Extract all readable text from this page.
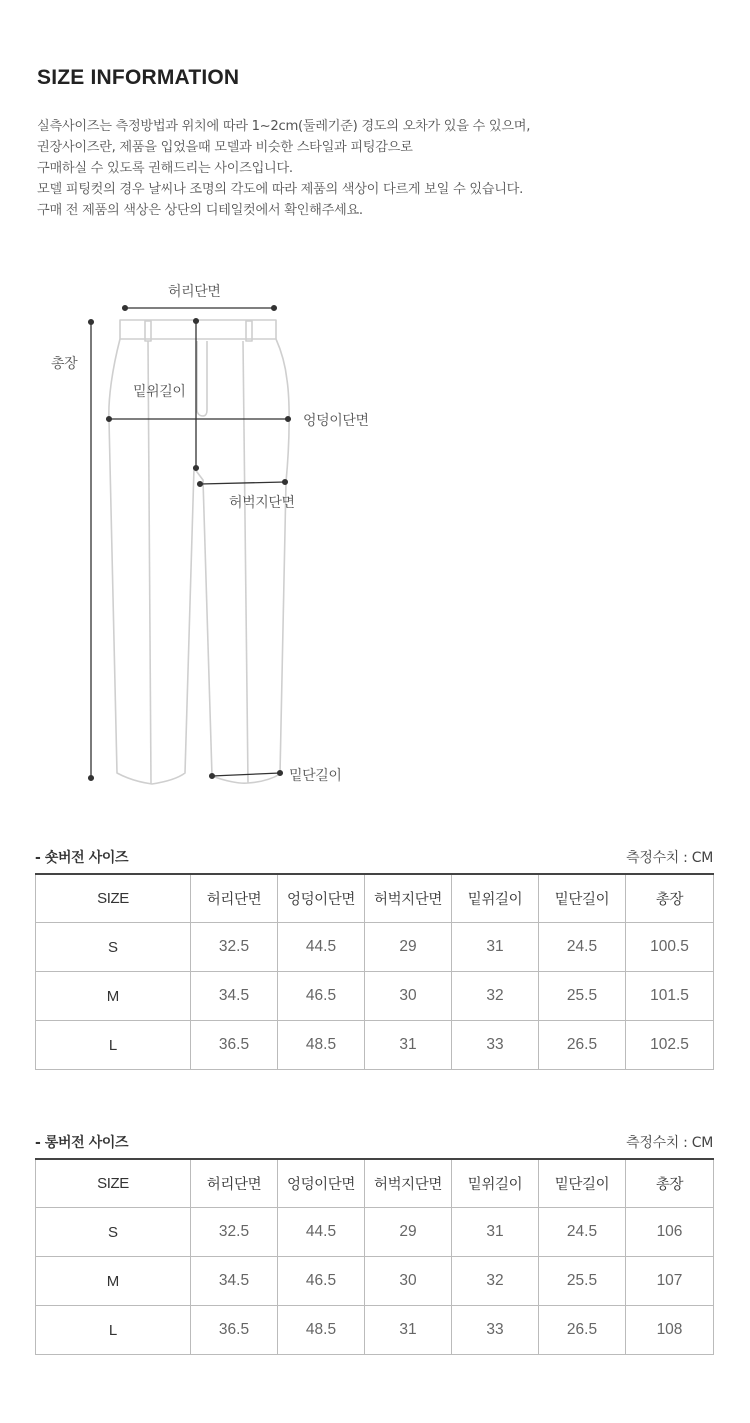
SIZE INFORMATION
실측사이즈는 측정방법과 위치에 따라 1~2cm(둘레기준) 경도의 오차가 있을 수 있으며,
권장사이즈란, 제품을 입었을때 모델과 비슷한 스타일과 피팅감으로
구매하실 수 있도록 권해드리는 사이즈입니다.
모델 피팅컷의 경우 날씨나 조명의 각도에 따라 제품의 색상이 다르게 보일 수 있습니다.
구매 전 제품의 색상은 상단의 디테일컷에서 확인해주세요.
허리단면
총장
밑위길이
엉덩이단면
허벅지단면
밑단길이
- 숏버전 사이즈	측정수치 : CM
SIZE	허리단면	엉덩이단면	허벅지단면	밑위길이	밑단길이	총장
S	32.5	44.5	29	31	24.5	100.5
M	34.5	46.5	30	32	25.5	101.5
L	36.5	48.5	31	33	26.5	102.5
- 롱버전 사이즈	측정수치 : CM
SIZE	허리단면	엉덩이단면	허벅지단면	밑위길이	밑단길이	총장
S	32.5	44.5	29	31	24.5	106
M	34.5	46.5	30	32	25.5	107
L	36.5	48.5	31	33	26.5	108
